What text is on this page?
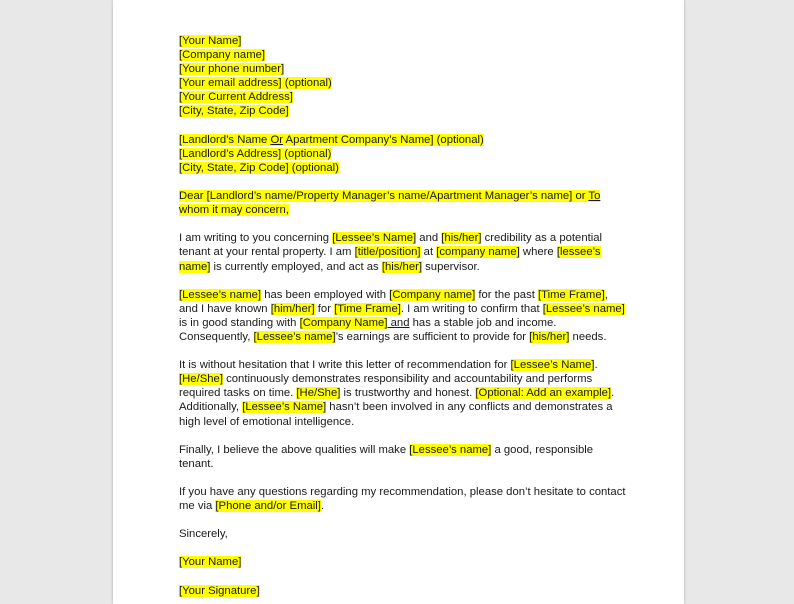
[Your Name]
[Company name]
[Your phone number]
[Your email address] (optional)
[Your Current Address]
[City, State, Zip Code]

[Landlord’s Name Or Apartment Company’s Name] (optional)
[Landlord’s Address] (optional)
[City, State, Zip Code] (optional)

Dear [Landlord’s name/Property Manager’s name/Apartment Manager’s name] or To whom it may concern,

I am writing to you concerning [Lessee’s Name] and [his/her] credibility as a potential tenant at your rental property. I am [title/position] at [company name] where [lessee’s name] is currently employed, and act as [his/her] supervisor.

[Lessee’s name] has been employed with [Company name] for the past [Time Frame], and I have known [him/her] for [Time Frame]. I am writing to confirm that [Lessee’s name] is in good standing with [Company Name] and has a stable job and income. Consequently, [Lessee’s name]’s earnings are sufficient to provide for [his/her] needs.

It is without hesitation that I write this letter of recommendation for [Lessee’s Name]. [He/She] continuously demonstrates responsibility and accountability and performs required tasks on time. [He/She] is trustworthy and honest. [Optional: Add an example]. Additionally, [Lessee’s Name] hasn’t been involved in any conflicts and demonstrates a high level of emotional intelligence.

Finally, I believe the above qualities will make [Lessee’s name] a good, responsible tenant.

If you have any questions regarding my recommendation, please don’t hesitate to contact me via [Phone and/or Email].

Sincerely,

[Your Name]

[Your Signature]
